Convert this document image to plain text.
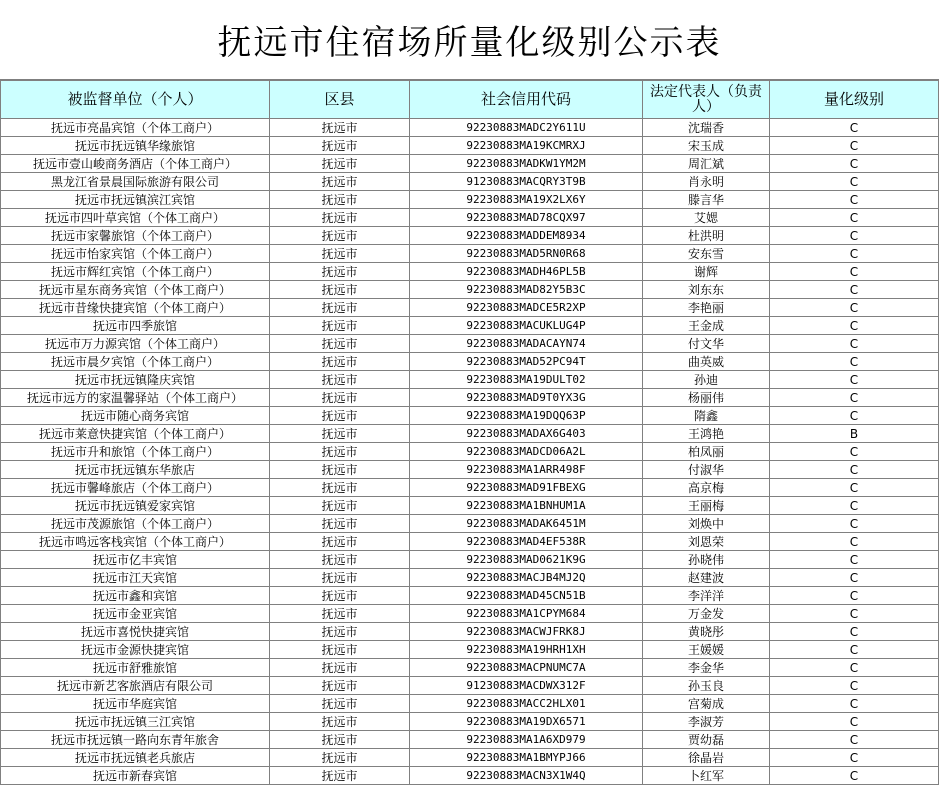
抚远市住宿场所量化级别公示表
被监督单位（个人）	区县	社会信用代码	法定代表人（负责人）	量化级别
抚远市亮晶宾馆（个体工商户）	抚远市	92230883MADC2Y611U	沈瑞香	C
抚远市抚远镇华缘旅馆	抚远市	92230883MA19KCMRXJ	宋玉成	C
抚远市壹山峻商务酒店（个体工商户）	抚远市	92230883MADKW1YM2M	周汇斌	C
黑龙江省景晨国际旅游有限公司	抚远市	91230883MACQRY3T9B	肖永明	C
抚远市抚远镇滨江宾馆	抚远市	92230883MA19X2LX6Y	滕言华	C
抚远市四叶草宾馆（个体工商户）	抚远市	92230883MAD78CQX97	艾媤	C
抚远市家馨旅馆（个体工商户）	抚远市	92230883MADDEM8934	杜洪明	C
抚远市怡家宾馆（个体工商户）	抚远市	92230883MAD5RN0R68	安东雪	C
抚远市辉红宾馆（个体工商户）	抚远市	92230883MADH46PL5B	谢辉	C
抚远市星东商务宾馆（个体工商户）	抚远市	92230883MAD82Y5B3C	刘东东	C
抚远市昔缘快捷宾馆（个体工商户）	抚远市	92230883MADCE5R2XP	李艳丽	C
抚远市四季旅馆	抚远市	92230883MACUKLUG4P	王金成	C
抚远市万力源宾馆（个体工商户）	抚远市	92230883MADACAYN74	付文华	C
抚远市晨夕宾馆（个体工商户）	抚远市	92230883MAD52PC94T	曲英威	C
抚远市抚远镇隆庆宾馆	抚远市	92230883MA19DULT02	孙迪	C
抚远市远方的家温馨驿站（个体工商户）	抚远市	92230883MAD9T0YX3G	杨丽伟	C
抚远市随心商务宾馆	抚远市	92230883MA19DQQ63P	隋鑫	C
抚远市莱意快捷宾馆（个体工商户）	抚远市	92230883MADAX6G403	王鸿艳	B
抚远市升和旅馆（个体工商户）	抚远市	92230883MADCD06A2L	柏凤丽	C
抚远市抚远镇东华旅店	抚远市	92230883MA1ARR498F	付淑华	C
抚远市馨峰旅店（个体工商户）	抚远市	92230883MAD91FBEXG	高京梅	C
抚远市抚远镇爱家宾馆	抚远市	92230883MA1BNHUM1A	王丽梅	C
抚远市茂源旅馆（个体工商户）	抚远市	92230883MADAK6451M	刘焕中	C
抚远市鸣远客栈宾馆（个体工商户）	抚远市	92230883MAD4EF538R	刘恩荣	C
抚远市亿丰宾馆	抚远市	92230883MAD0621K9G	孙晓伟	C
抚远市江天宾馆	抚远市	92230883MACJB4MJ2Q	赵建波	C
抚远市鑫和宾馆	抚远市	92230883MAD45CN51B	李洋洋	C
抚远市金亚宾馆	抚远市	92230883MA1CPYM684	万金发	C
抚远市喜悦快捷宾馆	抚远市	92230883MACWJFRK8J	黄晓彤	C
抚远市金源快捷宾馆	抚远市	92230883MA19HRH1XH	王媛媛	C
抚远市舒雅旅馆	抚远市	92230883MACPNUMC7A	李金华	C
抚远市新艺客旅酒店有限公司	抚远市	91230883MACDWX312F	孙玉良	C
抚远市华庭宾馆	抚远市	92230883MACC2HLX01	宫菊成	C
抚远市抚远镇三江宾馆	抚远市	92230883MA19DX6571	李淑芳	C
抚远市抚远镇一路向东青年旅舍	抚远市	92230883MA1A6XD979	贾幼磊	C
抚远市抚远镇老兵旅店	抚远市	92230883MA1BMYPJ66	徐晶岩	C
抚远市新春宾馆	抚远市	92230883MACN3X1W4Q	卜红军	C
